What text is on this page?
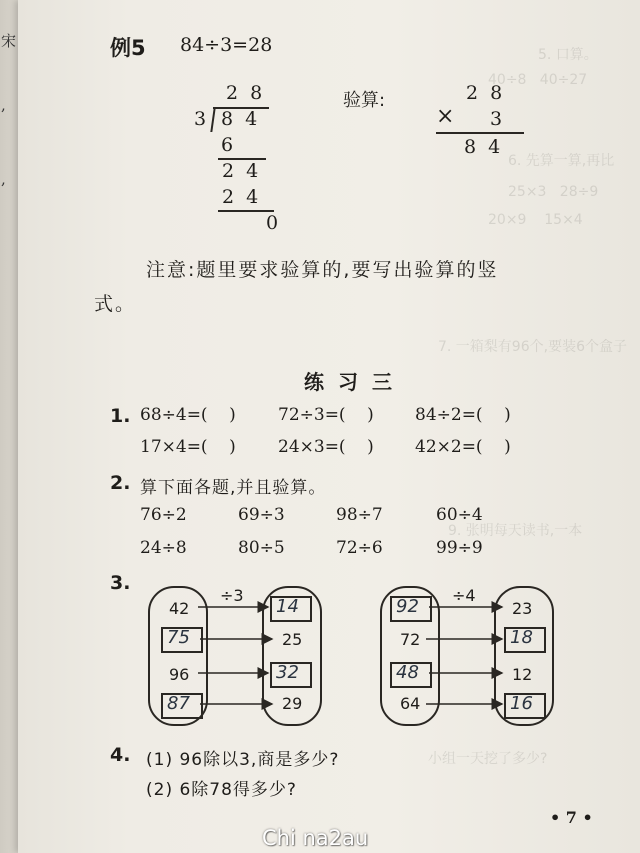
宋
,
,
5. 口算。
40÷8   40÷27
6. 先算一算,再比
25×3   28÷9
20×9    15×4
7. 一箱梨有96个,要装6个盒子
9. 张明每天读书,一本
小组一天挖了多少?
例5 84÷3=28
2 8
3 8 4
6
2 4
2 4
0
验算:	2 8
× 3
8 4
注意:题里要求验算的,要写出验算的竖
式。
练习三
1. 68÷4=(    ) 72÷3=(    ) 84÷2=(    )
17×4=(    ) 24×3=(    ) 42×2=(    )
2. 算下面各题,并且验算。
76÷2	69÷3	98÷7	60÷4
24÷8	80÷5	72÷6	99÷9
3.
÷3
42
75
96
87
14
25
32
29
÷4
92
72
48
64
23
18
12
16
4. (1) 96除以3,商是多少?
(2) 6除78得多少?
• 7 •
Chi na2au
